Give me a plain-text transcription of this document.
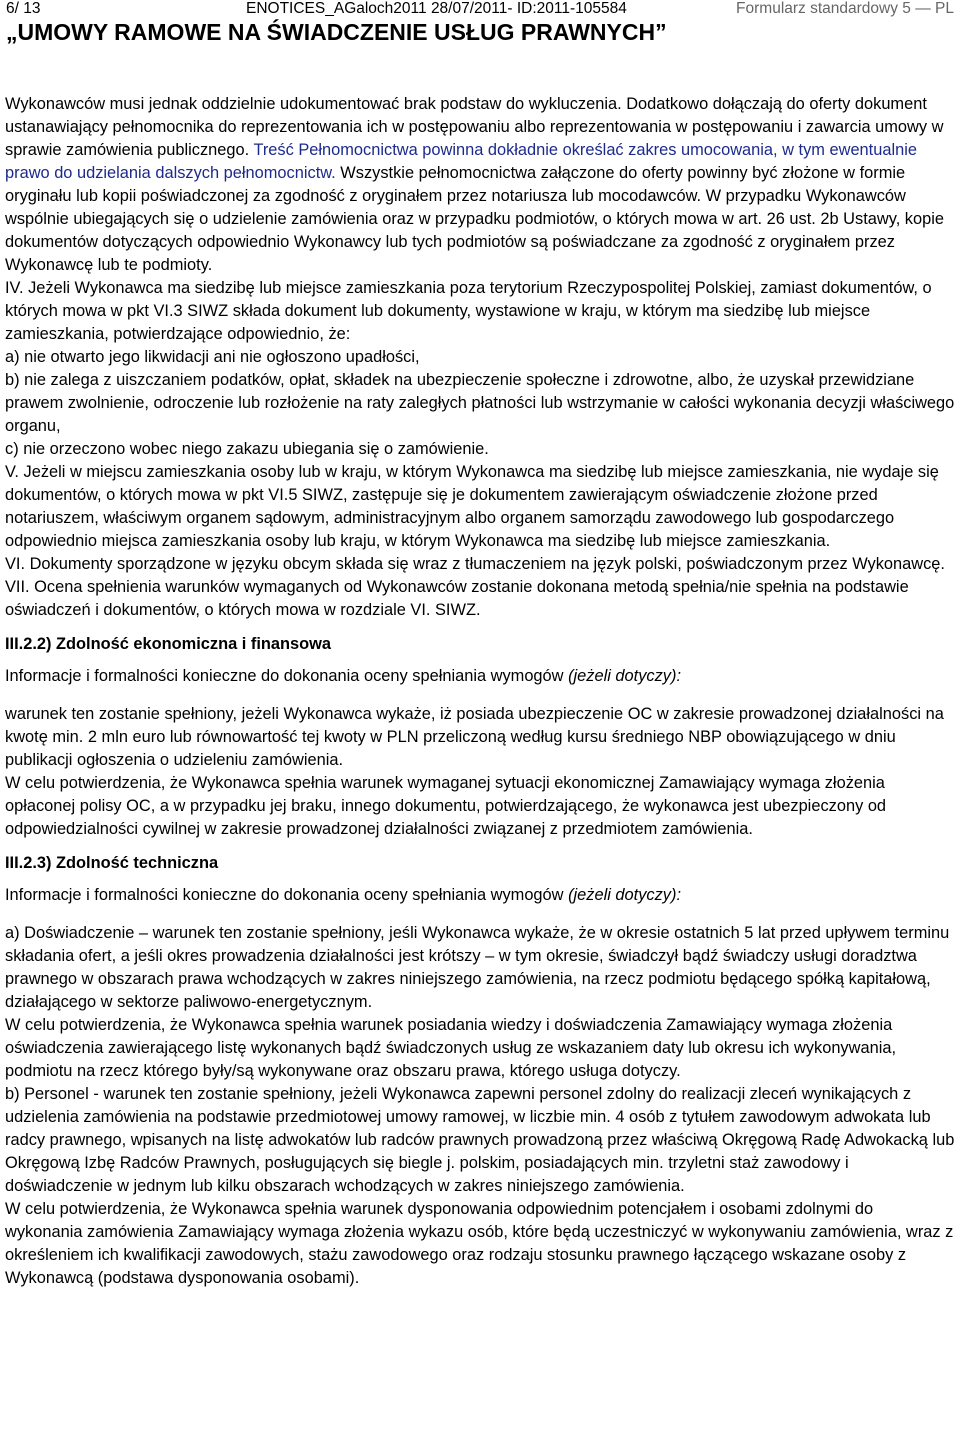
6/ 13	ENOTICES_AGaloch2011 28/07/2011- ID:2011-105584	Formularz standardowy 5 — PL
„UMOWY RAMOWE NA ŚWIADCZENIE USŁUG PRAWNYCH”

Wykonawców musi jednak oddzielnie udokumentować brak podstaw do wykluczenia. Dodatkowo dołączają do oferty dokument ustanawiający pełnomocnika do reprezentowania ich w postępowaniu albo reprezentowania w postępowaniu i zawarcia umowy w sprawie zamówienia publicznego. Treść Pełnomocnictwa powinna dokładnie określać zakres umocowania, w tym ewentualnie prawo do udzielania dalszych pełnomocnictw. Wszystkie pełnomocnictwa załączone do oferty powinny być złożone w formie oryginału lub kopii poświadczonej za zgodność z oryginałem przez notariusza lub mocodawców. W przypadku Wykonawców wspólnie ubiegających się o udzielenie zamówienia oraz w przypadku podmiotów, o których mowa w art. 26 ust. 2b Ustawy, kopie dokumentów dotyczących odpowiednio Wykonawcy lub tych podmiotów są poświadczane za zgodność z oryginałem przez Wykonawcę lub te podmioty.

IV. Jeżeli Wykonawca ma siedzibę lub miejsce zamieszkania poza terytorium Rzeczypospolitej Polskiej, zamiast dokumentów, o których mowa w pkt VI.3 SIWZ składa dokument lub dokumenty, wystawione w kraju, w którym ma siedzibę lub miejsce zamieszkania, potwierdzające odpowiednio, że:

a) nie otwarto jego likwidacji ani nie ogłoszono upadłości,

b) nie zalega z uiszczaniem podatków, opłat, składek na ubezpieczenie społeczne i zdrowotne, albo, że uzyskał przewidziane prawem zwolnienie, odroczenie lub rozłożenie na raty zaległych płatności lub wstrzymanie w całości wykonania decyzji właściwego organu,

c) nie orzeczono wobec niego zakazu ubiegania się o zamówienie.

V. Jeżeli w miejscu zamieszkania osoby lub w kraju, w którym Wykonawca ma siedzibę lub miejsce zamieszkania, nie wydaje się dokumentów, o których mowa w pkt VI.5 SIWZ, zastępuje się je dokumentem zawierającym oświadczenie złożone przed notariuszem, właściwym organem sądowym, administracyjnym albo organem samorządu zawodowego lub gospodarczego odpowiednio miejsca zamieszkania osoby lub kraju, w którym Wykonawca ma siedzibę lub miejsce zamieszkania.

VI. Dokumenty sporządzone w języku obcym składa się wraz z tłumaczeniem na język polski, poświadczonym przez Wykonawcę.

VII. Ocena spełnienia warunków wymaganych od Wykonawców zostanie dokonana metodą spełnia/nie spełnia na podstawie oświadczeń i dokumentów, o których mowa w rozdziale VI. SIWZ.

III.2.2) Zdolność ekonomiczna i finansowa

Informacje i formalności konieczne do dokonania oceny spełniania wymogów (jeżeli dotyczy):

warunek ten zostanie spełniony, jeżeli Wykonawca wykaże, iż posiada ubezpieczenie OC w zakresie prowadzonej działalności na kwotę min. 2 mln euro lub równowartość tej kwoty w PLN przeliczoną według kursu średniego NBP obowiązującego w dniu publikacji ogłoszenia o udzieleniu zamówienia.

W celu potwierdzenia, że Wykonawca spełnia warunek wymaganej sytuacji ekonomicznej Zamawiający wymaga złożenia opłaconej polisy OC, a w przypadku jej braku, innego dokumentu, potwierdzającego, że wykonawca jest ubezpieczony od odpowiedzialności cywilnej w zakresie prowadzonej działalności związanej z przedmiotem zamówienia.

III.2.3) Zdolność techniczna

Informacje i formalności konieczne do dokonania oceny spełniania wymogów (jeżeli dotyczy):

a) Doświadczenie – warunek ten zostanie spełniony, jeśli Wykonawca wykaże, że w okresie ostatnich 5 lat przed upływem terminu składania ofert, a jeśli okres prowadzenia działalności jest krótszy – w tym okresie, świadczył bądź świadczy usługi doradztwa prawnego w obszarach prawa wchodzących w zakres niniejszego zamówienia, na rzecz podmiotu będącego spółką kapitałową, działającego w sektorze paliwowo-energetycznym.

W celu potwierdzenia, że Wykonawca spełnia warunek posiadania wiedzy i doświadczenia Zamawiający wymaga złożenia oświadczenia zawierającego listę wykonanych bądź świadczonych usług ze wskazaniem daty lub okresu ich wykonywania, podmiotu na rzecz którego były/są wykonywane oraz obszaru prawa, którego usługa dotyczy.

b) Personel - warunek ten zostanie spełniony, jeżeli Wykonawca zapewni personel zdolny do realizacji zleceń wynikających z udzielenia zamówienia na podstawie przedmiotowej umowy ramowej, w liczbie min. 4 osób z tytułem zawodowym adwokata lub radcy prawnego, wpisanych na listę adwokatów lub radców prawnych prowadzoną przez właściwą Okręgową Radę Adwokacką lub Okręgową Izbę Radców Prawnych, posługujących się biegle j. polskim, posiadających min. trzyletni staż zawodowy i doświadczenie w jednym lub kilku obszarach wchodzących w zakres niniejszego zamówienia.

W celu potwierdzenia, że Wykonawca spełnia warunek dysponowania odpowiednim potencjałem i osobami zdolnymi do wykonania zamówienia Zamawiający wymaga złożenia wykazu osób, które będą uczestniczyć w wykonywaniu zamówienia, wraz z określeniem ich kwalifikacji zawodowych, stażu zawodowego oraz rodzaju stosunku prawnego łączącego wskazane osoby z Wykonawcą (podstawa dysponowania osobami).
